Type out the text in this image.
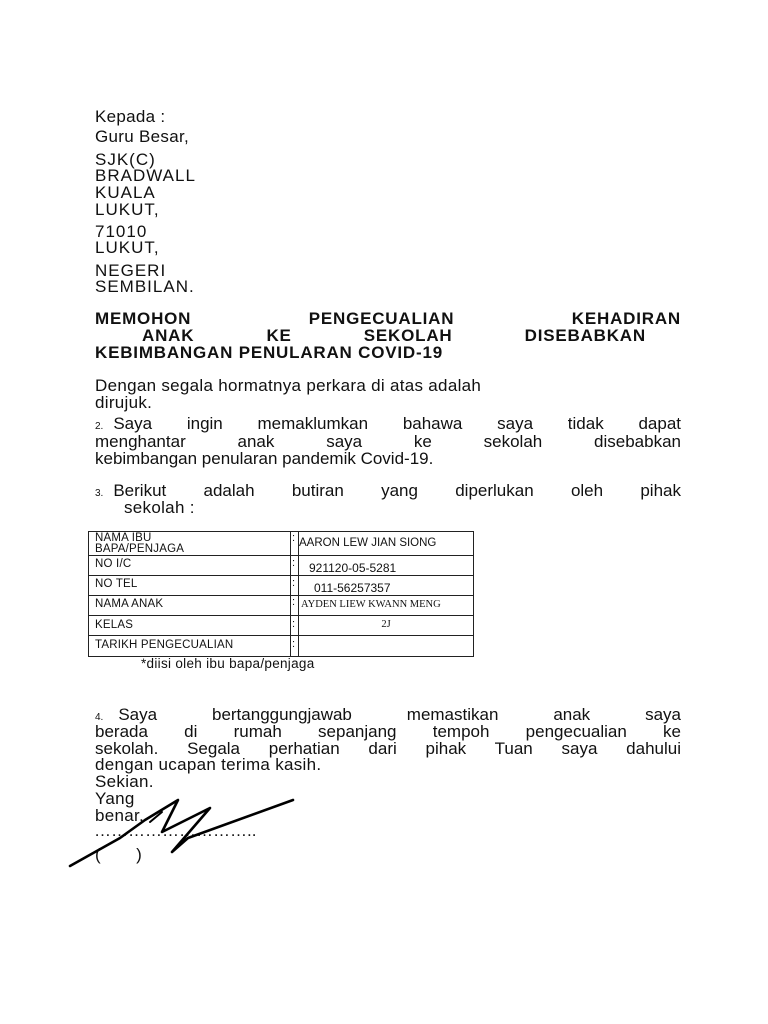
Kepada :
Guru Besar,
SJK(C)
BRADWALL
KUALA
LUKUT,
71010
LUKUT,
NEGERI
SEMBILAN.
MEMOHON	PENGECUALIAN	KEHADIRAN
ANAK	KE	SEKOLAH	DISEBABKAN
KEBIMBANGAN PENULARAN COVID-19
Dengan segala hormatnya perkara di atas adalah
dirujuk.
2. Saya ingin memaklumkan bahawa saya tidak dapat
menghantar anak saya ke sekolah disebabkan
kebimbangan penularan pandemik Covid-19.
3. Berikut adalah butiran yang diperlukan oleh pihak
sekolah :
NAMA IBU
BAPA/PENJAGA
: AARON LEW JIAN SIONG
NO I/C	: 921120-05-5281
NO TEL	: 011-56257357
NAMA ANAK	: AYDEN LIEW KWANN MENG
KELAS	:	2J
TARIKH PENGECUALIAN	:
*diisi oleh ibu bapa/penjaga
4. Saya bertanggungjawab memastikan anak saya
berada di rumah sepanjang tempoh pengecualian ke
sekolah. Segala perhatian dari pihak Tuan saya dahului
dengan ucapan terima kasih.
Sekian.
Yang
benar,
………………………..
(       )
